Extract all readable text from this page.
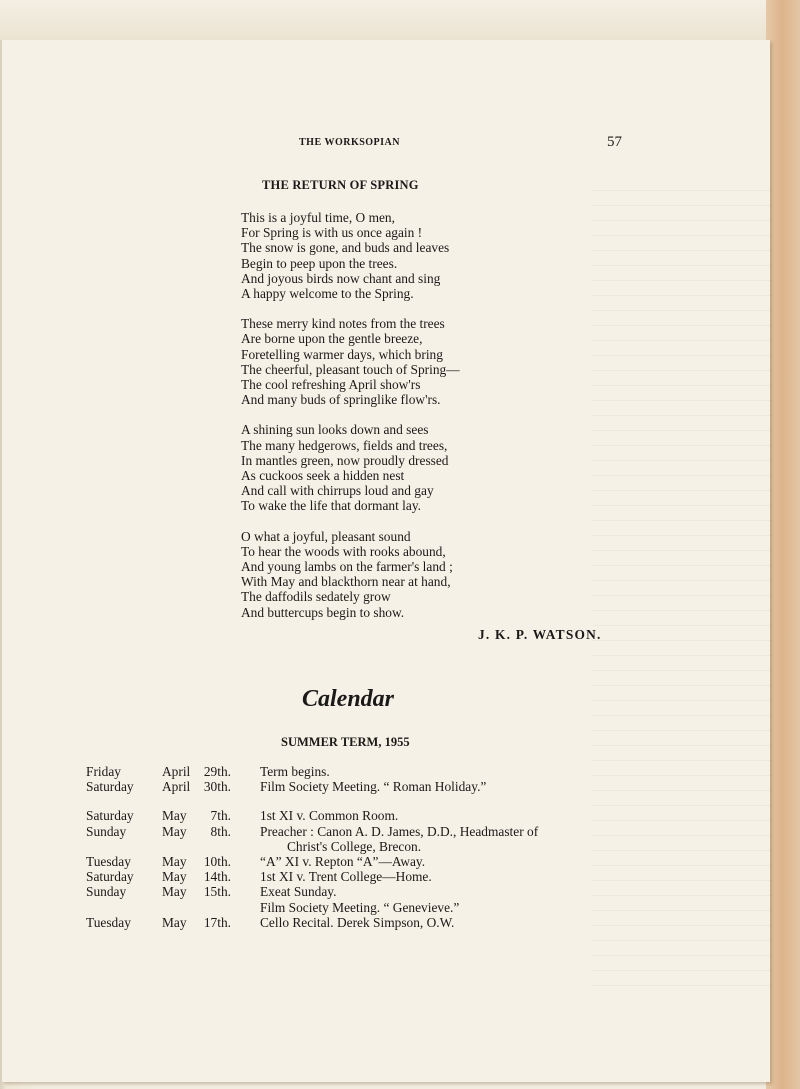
THE WORKSOPIAN	57
THE RETURN OF SPRING
This is a joyful time, O men,
For Spring is with us once again !
The snow is gone, and buds and leaves
Begin to peep upon the trees.
And joyous birds now chant and sing
A happy welcome to the Spring.
These merry kind notes from the trees
Are borne upon the gentle breeze,
Foretelling warmer days, which bring
The cheerful, pleasant touch of Spring—
The cool refreshing April show'rs
And many buds of springlike flow'rs.
A shining sun looks down and sees
The many hedgerows, fields and trees,
In mantles green, now proudly dressed
As cuckoos seek a hidden nest
And call with chirrups loud and gay
To wake the life that dormant lay.
O what a joyful, pleasant sound
To hear the woods with rooks abound,
And young lambs on the farmer's land ;
With May and blackthorn near at hand,
The daffodils sedately grow
And buttercups begin to show.
J. K. P. WATSON.
Calendar
SUMMER TERM, 1955
Friday	April	29th. Term begins.
Saturday April	30th. Film Society Meeting. “ Roman Holiday.”
Saturday May	7th. 1st XI v. Common Room.
Sunday	May	8th. Preacher : Canon A. D. James, D.D., Headmaster of
Christ's College, Brecon.
Tuesday May	10th. “A” XI v. Repton “A”—Away.
Saturday May	14th. 1st XI v. Trent College—Home.
Sunday	May	15th. Exeat Sunday.
Film Society Meeting. “ Genevieve.”
Tuesday May	17th. Cello Recital. Derek Simpson, O.W.
